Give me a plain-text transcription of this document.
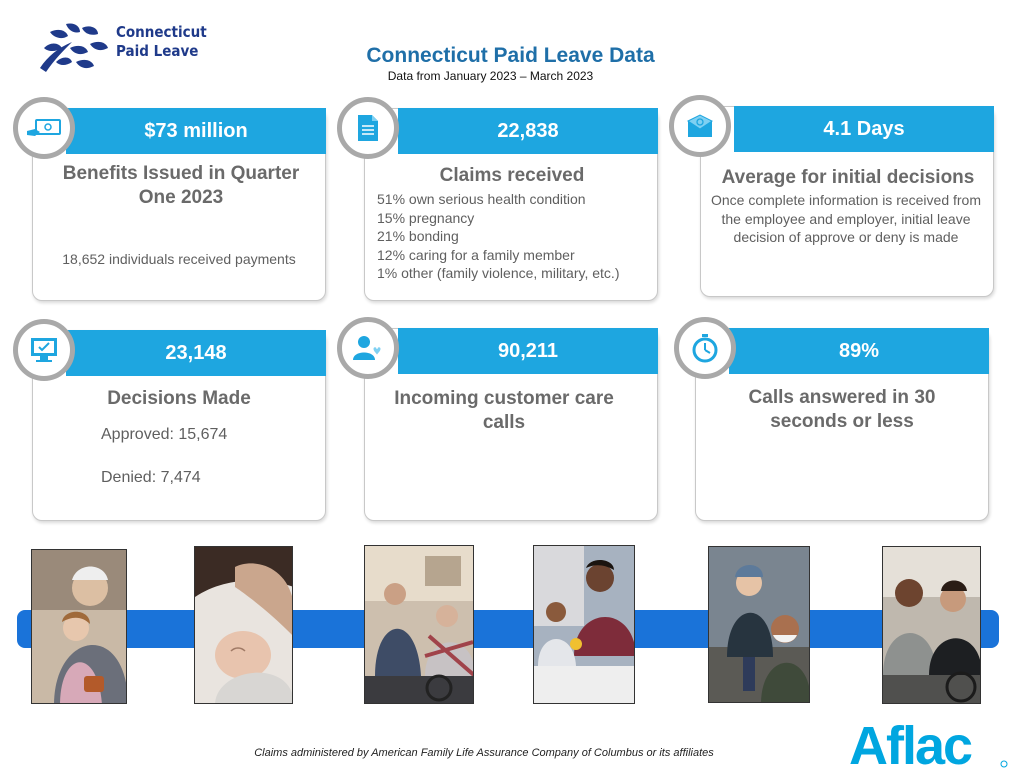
Connecticut
Paid Leave	Connecticut Paid Leave Data
Data from January 2023 – March 2023
$73 million
Benefits Issued in Quarter One 2023
18,652 individuals received payments
22,838
Claims received
51% own serious health condition
15% pregnancy
21% bonding
12% caring for a family member
1% other (family violence, military, etc.)
4.1 Days
Average for initial decisions
Once complete information is received from the employee and employer, initial leave decision of approve or deny is made
23,148
Decisions Made
Approved: 15,674
Denied: 7,474
90,211
Incoming customer care calls
89%
Calls answered in 30 seconds or less
Claims administered by American Family Life Assurance Company of Columbus or its affiliates	Aflac
